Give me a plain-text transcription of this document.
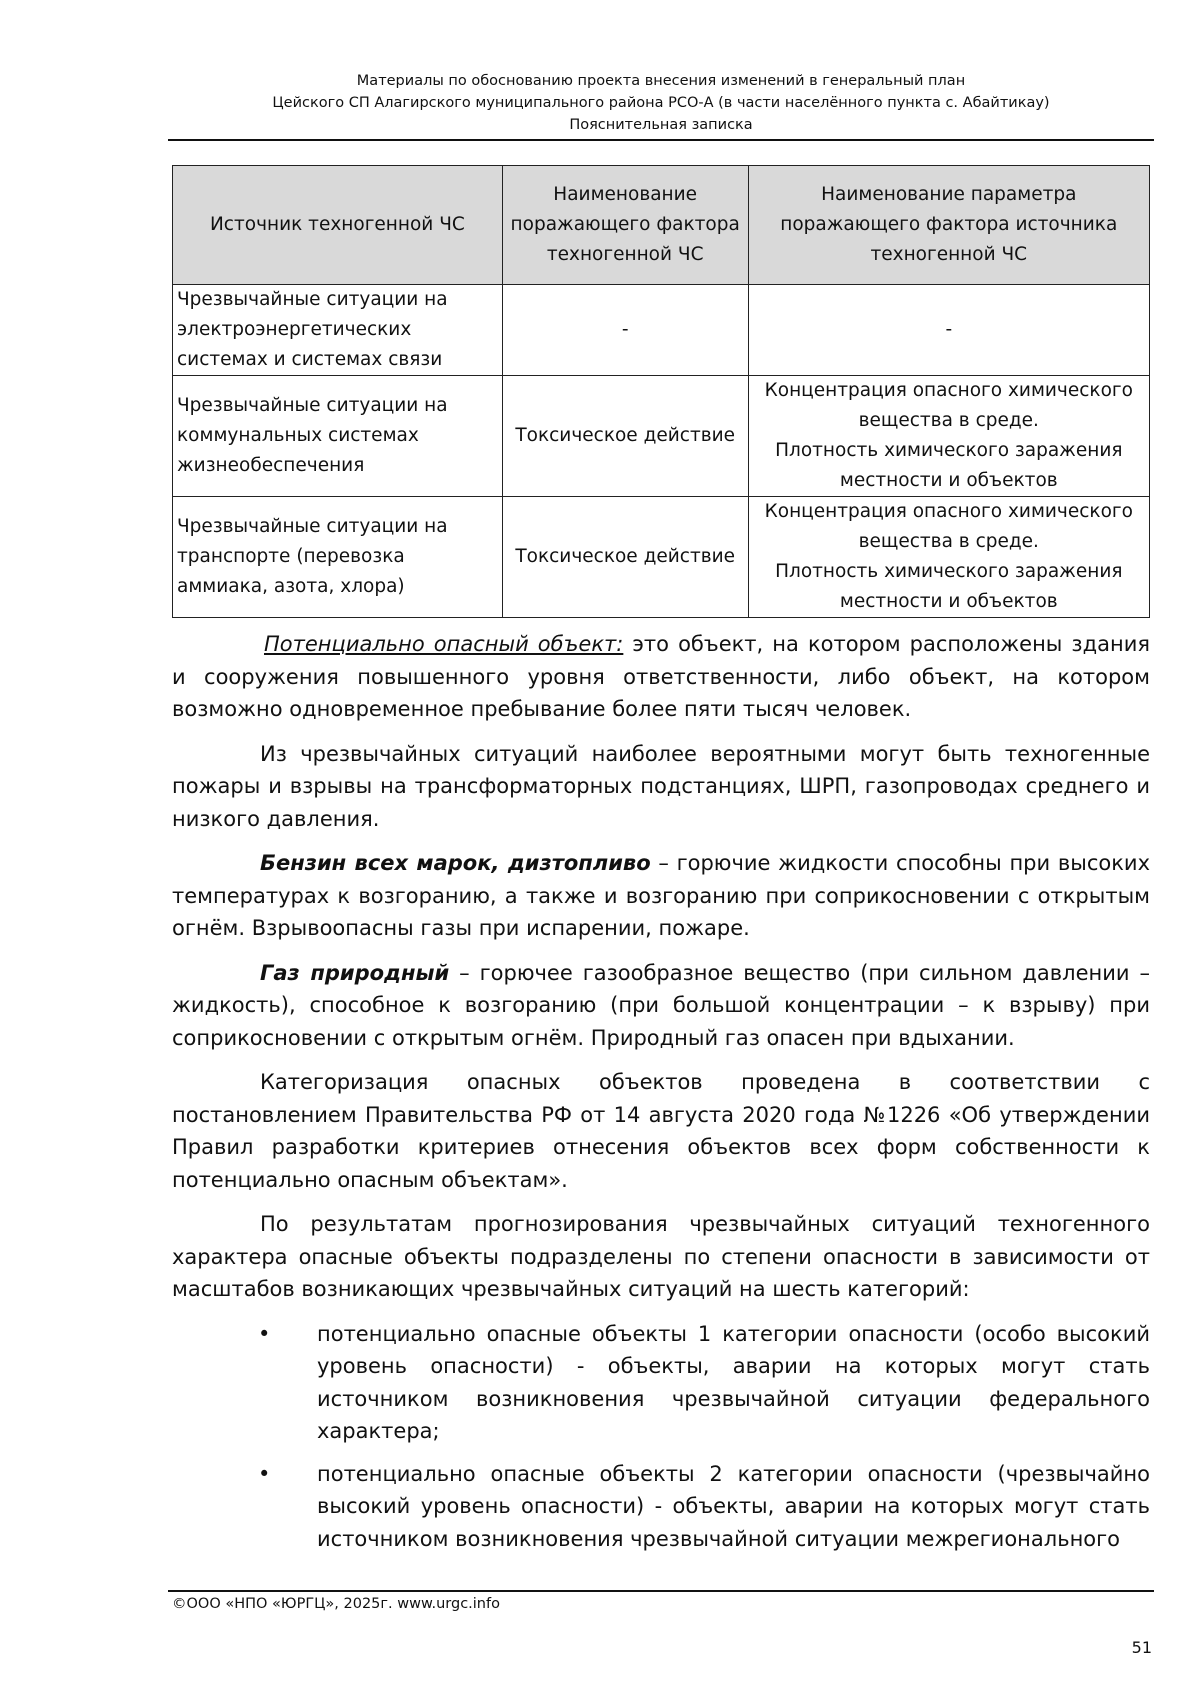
Материалы по обоснованию проекта внесения изменений в генеральный план
Цейского СП Алагирского муниципального района РСО-А (в части населённого пункта с. Абайтикау)
Пояснительная записка
Источник техногенной ЧС	Наименование поражающего фактора техногенной ЧС	Наименование параметра поражающего фактора источника техногенной ЧС
Чрезвычайные ситуации на электроэнергетических системах и системах связи	-	-

Чрезвычайные ситуации на коммунальных системах жизнеобеспечения	Токсическое действие	Концентрация опасного химического вещества в среде.
Плотность химического заражения местности и объектов

Чрезвычайные ситуации на транспорте (перевозка аммиака, азота, хлора)	Токсическое действие	Концентрация опасного химического вещества в среде.
Плотность химического заражения местности и объектов

Потенциально опасный объект: это объект, на котором расположены здания и сооружения повышенного уровня ответственности, либо объект, на котором возможно одновременное пребывание более пяти тысяч человек.

Из чрезвычайных ситуаций наиболее вероятными могут быть техногенные пожары и взрывы на трансформаторных подстанциях, ШРП, газопроводах среднего и низкого давления.

Бензин всех марок, дизтопливо – горючие жидкости способны при высоких температурах к возгоранию, а также и возгоранию при соприкосновении с открытым огнём. Взрывоопасны газы при испарении, пожаре.

Газ природный – горючее газообразное вещество (при сильном давлении – жидкость), способное к возгоранию (при большой концентрации – к взрыву) при соприкосновении с открытым огнём. Природный газ опасен при вдыхании.

Категоризация опасных объектов проведена в соответствии с постановлением Правительства РФ от 14 августа 2020 года №1226 «Об утверждении Правил разработки критериев отнесения объектов всех форм собственности к потенциально опасным объектам».

По результатам прогнозирования чрезвычайных ситуаций техногенного характера опасные объекты подразделены по степени опасности в зависимости от масштабов возникающих чрезвычайных ситуаций на шесть категорий:

• потенциально опасные объекты 1 категории опасности (особо высокий уровень опасности) - объекты, аварии на которых могут стать источником возникновения чрезвычайной ситуации федерального характера;
• потенциально опасные объекты 2 категории опасности (чрезвычайно высокий уровень опасности) - объекты, аварии на которых могут стать источником возникновения чрезвычайной ситуации межрегионального
©ООО «НПО «ЮРГЦ», 2025г. www.urgc.info
51
